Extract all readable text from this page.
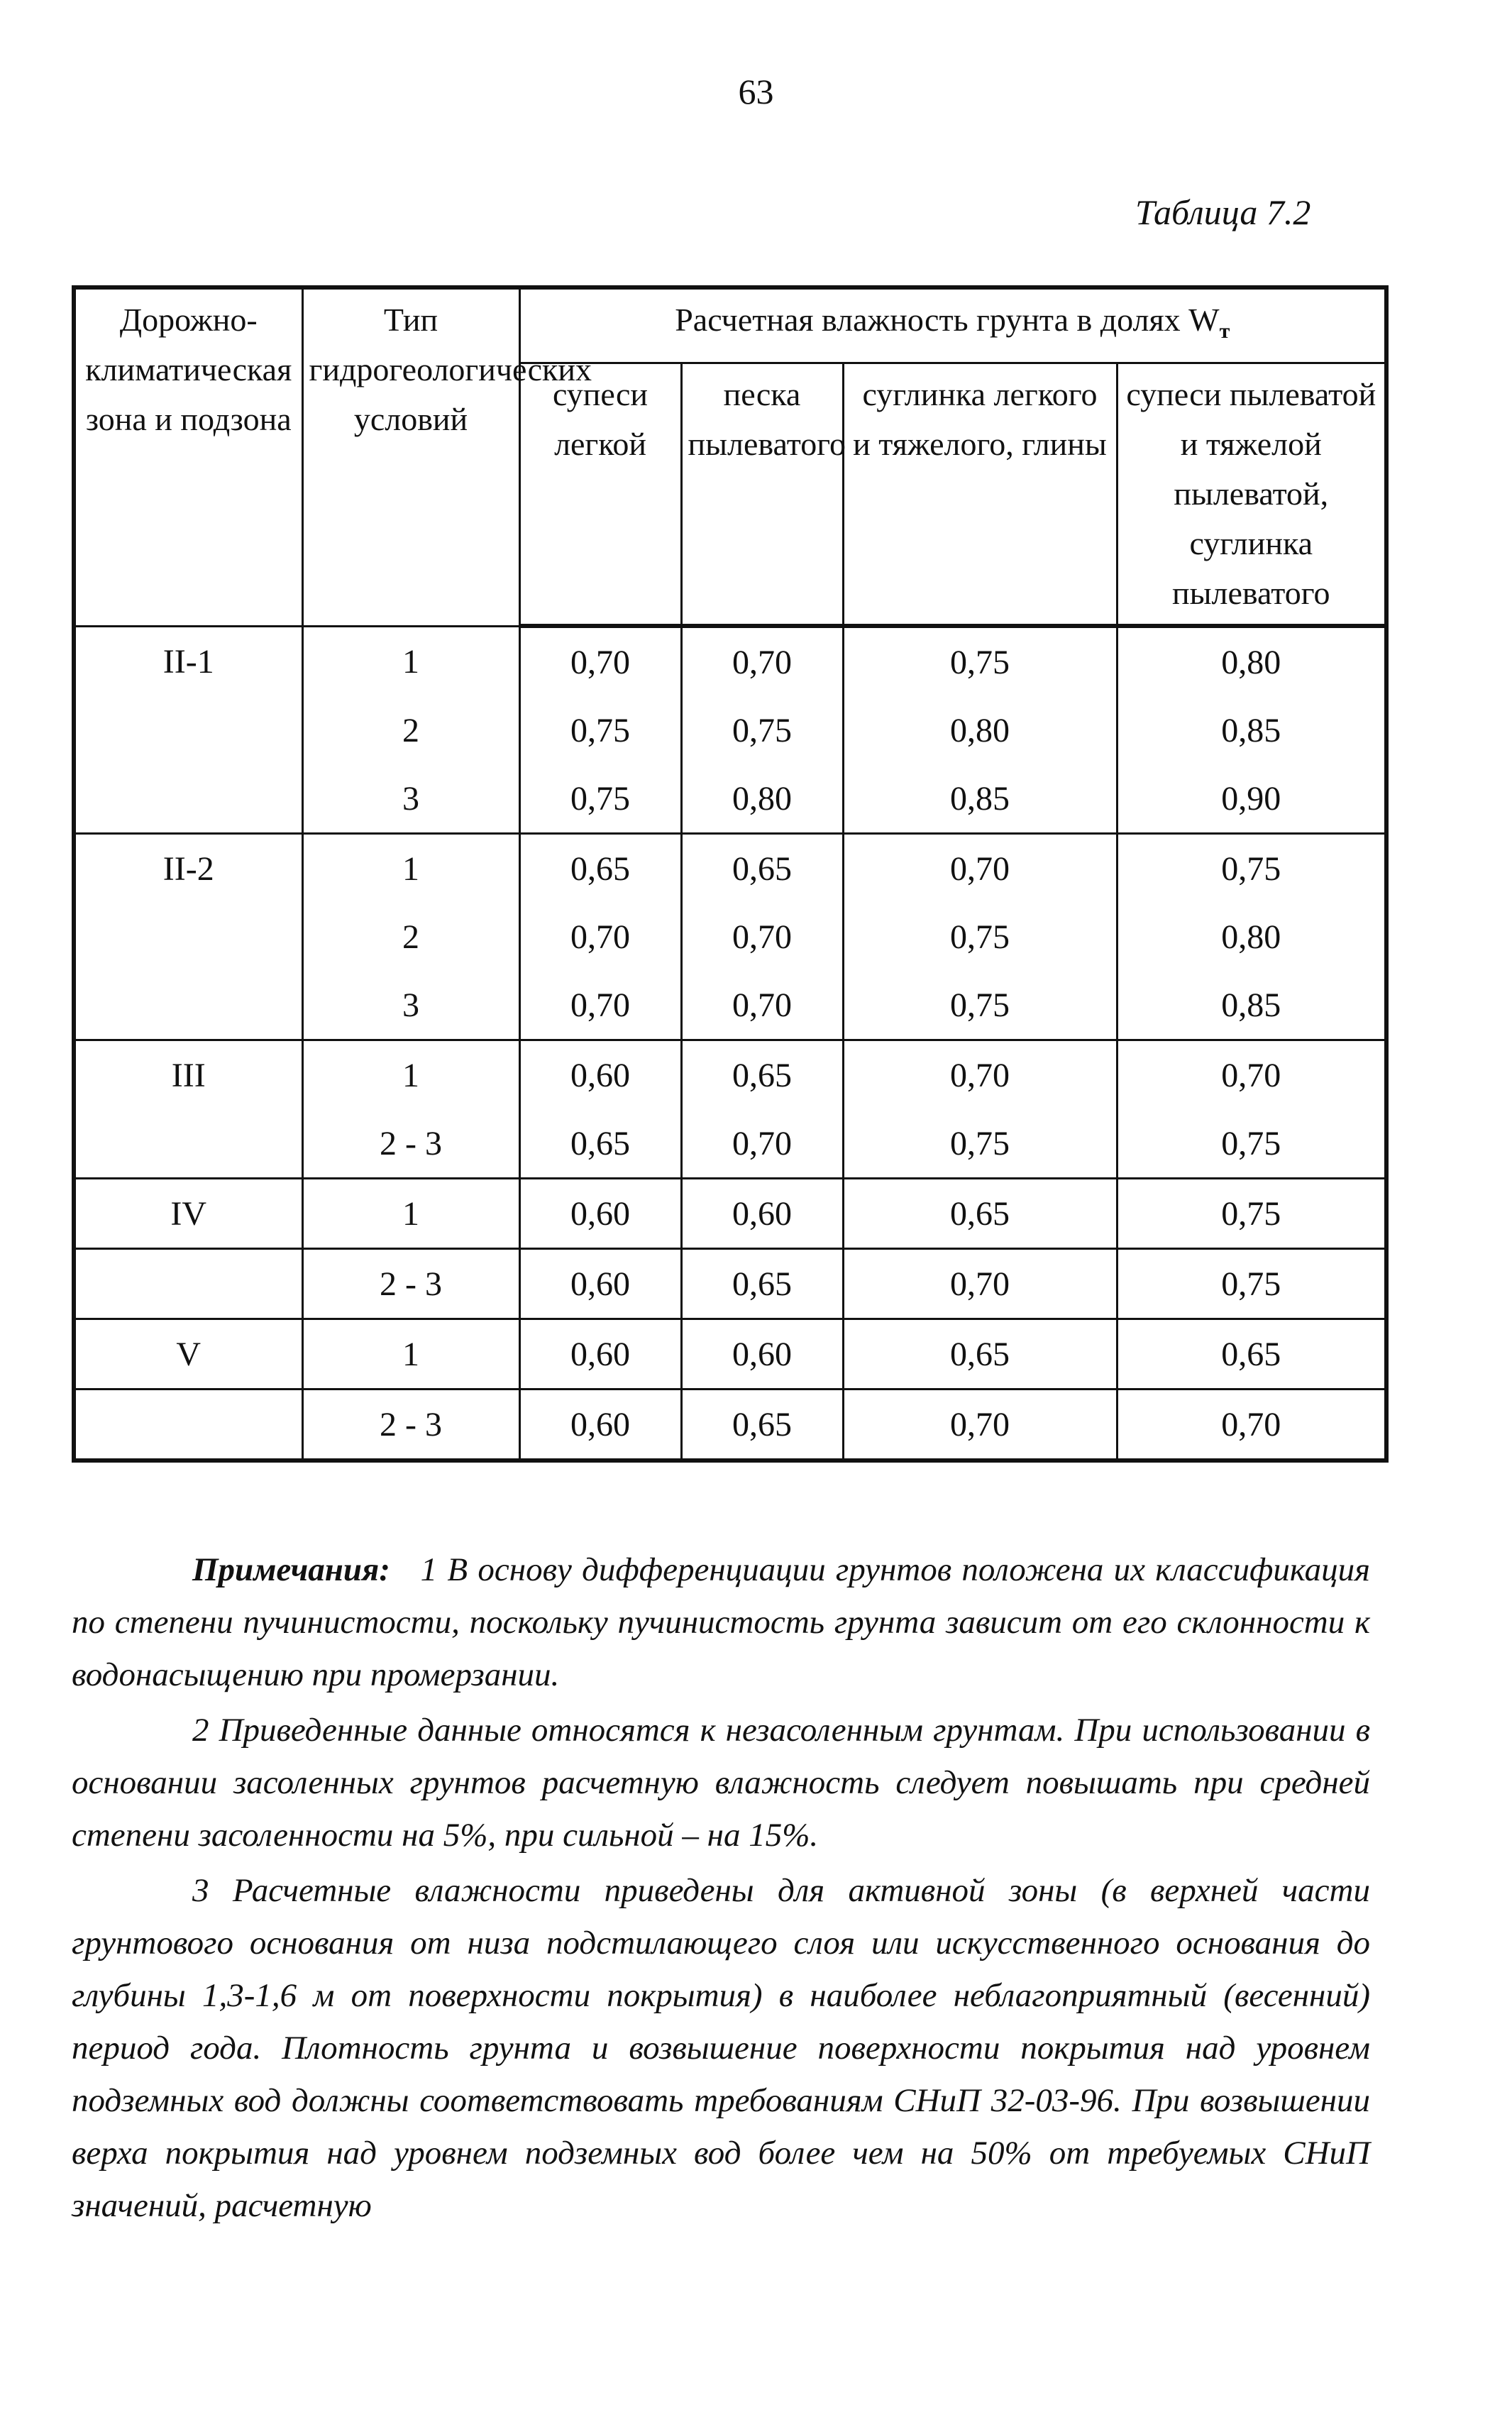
63
Таблица 7.2
Дорожно-климатическая зона и подзона	Тип гидрогеологических условий	Расчетная влажность грунта в долях $W_т$
		супеси легкой	песка пылеватого	суглинка легкого и тяжелого, глины	супеси пылеватой и тяжелой пылеватой, суглинка пылеватого
II-1	1	0,70	0,70	0,75	0,80
	2	0,75	0,75	0,80	0,85
	3	0,75	0,80	0,85	0,90
II-2	1	0,65	0,65	0,70	0,75
	2	0,70	0,70	0,75	0,80
	3	0,70	0,70	0,75	0,85
III	1	0,60	0,65	0,70	0,70
	2 - 3	0,65	0,70	0,75	0,75
IV	1	0,60	0,60	0,65	0,75
	2 - 3	0,60	0,65	0,70	0,75
V	1	0,60	0,60	0,65	0,65
	2 - 3	0,60	0,65	0,70	0,70

Примечания: 1 В основу дифференциации грунтов положена их классификация по степени пучинистости, поскольку пучинистость грунта зависит от его склонности к водонасыщению при промерзании.

2 Приведенные данные относятся к незасоленным грунтам. При использовании в основании засоленных грунтов расчетную влажность следует повышать при средней степени засоленности на 5%, при сильной – на 15%.

3 Расчетные влажности приведены для активной зоны (в верхней части грунтового основания от низа подстилающего слоя или искусственного основания до глубины 1,3-1,6 м от поверхности покрытия) в наиболее неблагоприятный (весенний) период года. Плотность грунта и возвышение поверхности покрытия над уровнем подземных вод должны соответствовать требованиям СНиП 32-03-96. При возвышении верха покрытия над уровнем подземных вод более чем на 50% от требуемых СНиП значений, расчетную
